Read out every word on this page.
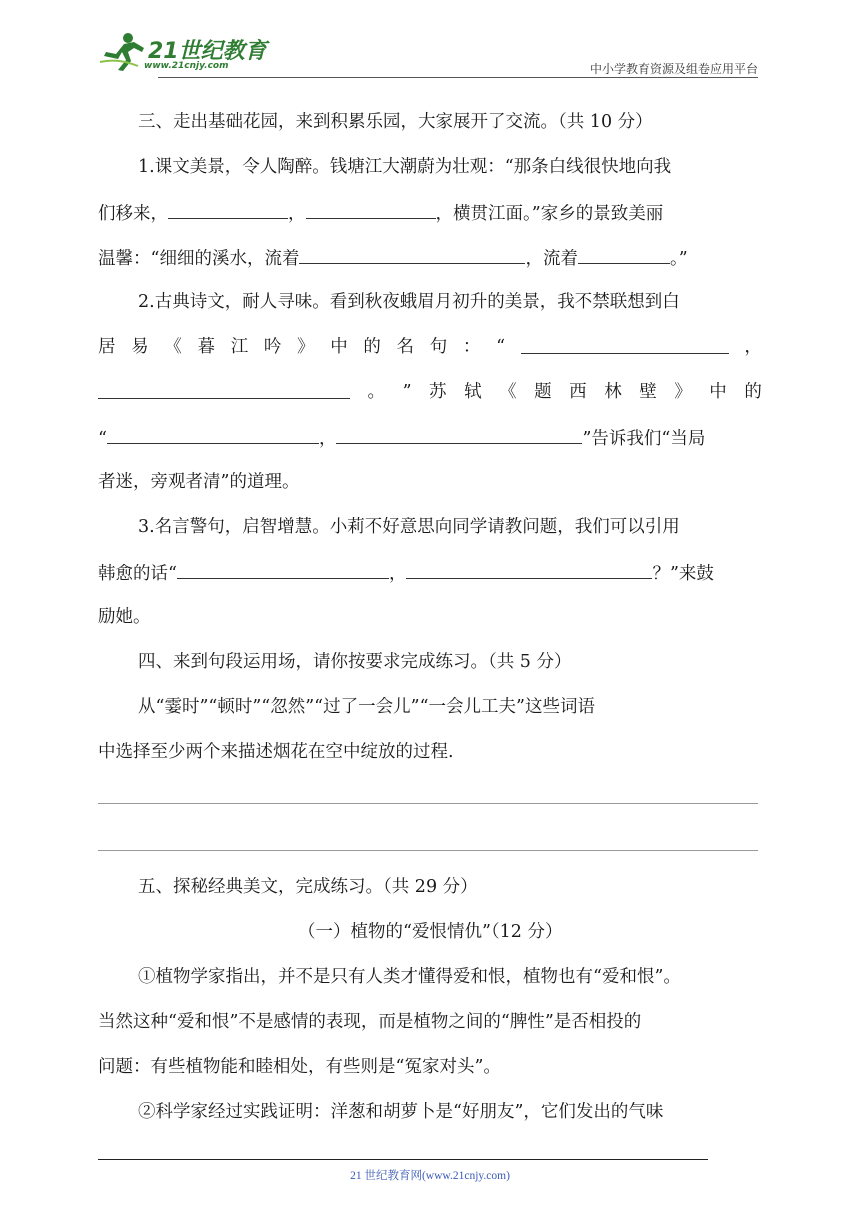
21世纪教育
www.21cnjy.com	中小学教育资源及组卷应用平台
三、走出基础花园，来到积累乐园，大家展开了交流。（共 10 分）
1.课文美景，令人陶醉。钱塘江大潮蔚为壮观：“那条白线很快地向我
们移来，	，	，横贯江面。”家乡的景致美丽
温馨：“细细的溪水，流着	，流着	。”
2.古典诗文，耐人寻味。看到秋夜蛾眉月初升的美景，我不禁联想到白
居 易 《 暮 江 吟 》 中 的 名 句 ： “	，
。 ” 苏 轼 《 题 西 林 壁 》 中 的
“	，	”告诉我们“当局
者迷，旁观者清”的道理。
3.名言警句，启智增慧。小莉不好意思向同学请教问题，我们可以引用
韩愈的话“	，	？”来鼓
励她。
四、来到句段运用场，请你按要求完成练习。（共 5 分）
从“霎时”“顿时”“忽然”“过了一会儿”“一会儿工夫”这些词语
中选择至少两个来描述烟花在空中绽放的过程.
五、探秘经典美文，完成练习。（共 29 分）
（一）植物的“爱恨情仇”（12 分）
①植物学家指出，并不是只有人类才懂得爱和恨，植物也有“爱和恨”。
当然这种“爱和恨”不是感情的表现，而是植物之间的“脾性”是否相投的
问题：有些植物能和睦相处，有些则是“冤家对头”。
②科学家经过实践证明：洋葱和胡萝卜是“好朋友”，它们发出的气味
21 世纪教育网(www.21cnjy.com)
